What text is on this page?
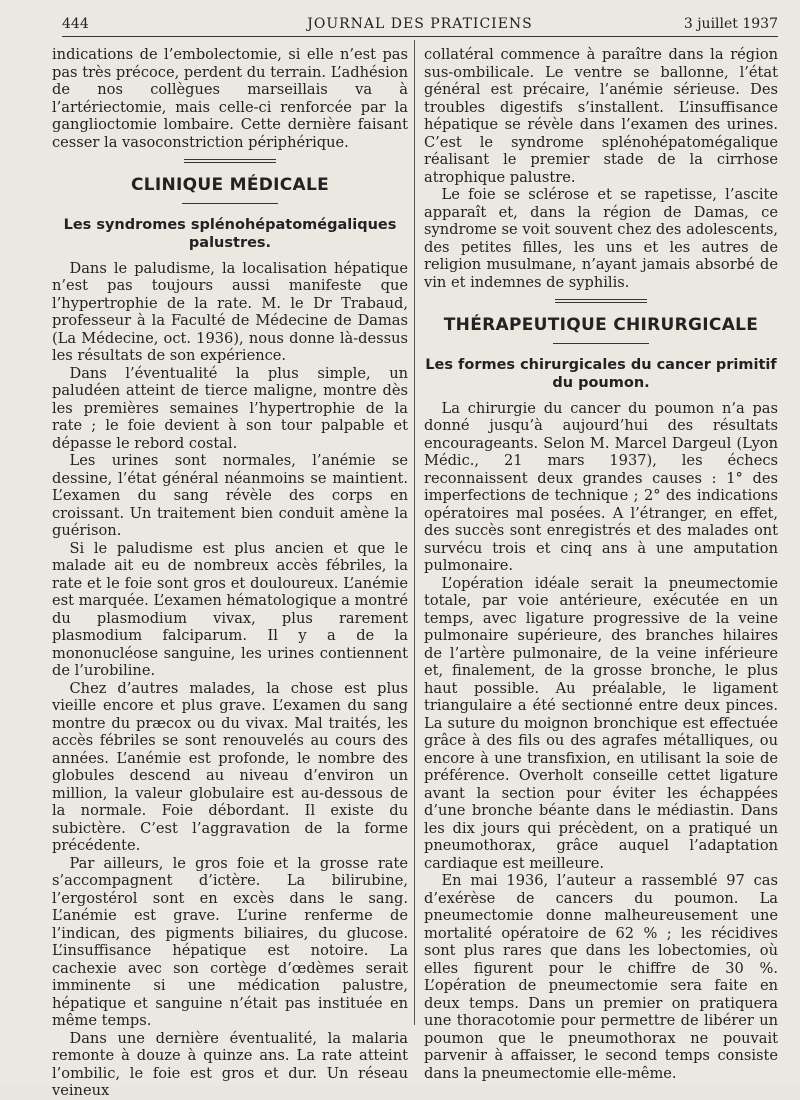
444	JOURNAL DES PRATICIENS	3 juillet 1937

indications de l’embolectomie, si elle n’est pas pas très précoce, perdent du terrain. L’adhésion de nos collègues marseillais va à l’artériectomie, mais celle-ci renforcée par la ganglioctomie lombaire. Cette dernière faisant cesser la vasoconstriction périphérique.

CLINIQUE MÉDICALE
Les syndromes splénohépatomégaliques palustres.

Dans le paludisme, la localisation hépatique n’est pas toujours aussi manifeste que l’hypertrophie de la rate. M. le Dr Trabaud, professeur à la Faculté de Médecine de Damas (La Médecine, oct. 1936), nous donne là-dessus les résultats de son expérience.

Dans l’éventualité la plus simple, un paludéen atteint de tierce maligne, montre dès les premières semaines l’hypertrophie de la rate ; le foie devient à son tour palpable et dépasse le rebord costal.

Les urines sont normales, l’anémie se dessine, l’état général néanmoins se maintient. L’examen du sang révèle des corps en croissant. Un traitement bien conduit amène la guérison.

Si le paludisme est plus ancien et que le malade ait eu de nombreux accès fébriles, la rate et le foie sont gros et douloureux. L’anémie est marquée. L’examen hématologique a montré du plasmodium vivax, plus rarement plasmodium falciparum. Il y a de la mononucléose sanguine, les urines contiennent de l’urobiline.

Chez d’autres malades, la chose est plus vieille encore et plus grave. L’examen du sang montre du præcox ou du vivax. Mal traités, les accès fébriles se sont renouvelés au cours des années. L’anémie est profonde, le nombre des globules descend au niveau d’environ un million, la valeur globulaire est au-dessous de la normale. Foie débordant. Il existe du subictère. C’est l’aggravation de la forme précédente.

Par ailleurs, le gros foie et la grosse rate s’accompagnent d’ictère. La bilirubine, l’ergostérol sont en excès dans le sang. L’anémie est grave. L’urine renferme de l’indican, des pigments biliaires, du glucose. L’insuffisance hépatique est notoire. La cachexie avec son cortège d’œdèmes serait imminente si une médication palustre, hépatique et sanguine n’était pas instituée en même temps.

Dans une dernière éventualité, la malaria remonte à douze à quinze ans. La rate atteint l’ombilic, le foie est gros et dur. Un réseau veineux

collatéral commence à paraître dans la région sus-ombilicale. Le ventre se ballonne, l’état général est précaire, l’anémie sérieuse. Des troubles digestifs s’installent. L’insuffisance hépatique se révèle dans l’examen des urines. C’est le syndrome splénohépatomégalique réalisant le premier stade de la cirrhose atrophique palustre.

Le foie se sclérose et se rapetisse, l’ascite apparaît et, dans la région de Damas, ce syndrome se voit souvent chez des adolescents, des petites filles, les uns et les autres de religion musulmane, n’ayant jamais absorbé de vin et indemnes de syphilis.

THÉRAPEUTIQUE CHIRURGICALE
Les formes chirurgicales du cancer primitif du poumon.

La chirurgie du cancer du poumon n’a pas donné jusqu’à aujourd’hui des résultats encourageants. Selon M. Marcel Dargeul (Lyon Médic., 21 mars 1937), les échecs reconnaissent deux grandes causes : 1° des imperfections de technique ; 2° des indications opératoires mal posées. A l’étranger, en effet, des succès sont enregistrés et des malades ont survécu trois et cinq ans à une amputation pulmonaire.

L’opération idéale serait la pneumectomie totale, par voie antérieure, exécutée en un temps, avec ligature progressive de la veine pulmonaire supérieure, des branches hilaires de l’artère pulmonaire, de la veine inférieure et, finalement, de la grosse bronche, le plus haut possible. Au préalable, le ligament triangulaire a été sectionné entre deux pinces. La suture du moignon bronchique est effectuée grâce à des fils ou des agrafes métalliques, ou encore à une transfixion, en utilisant la soie de préférence. Overholt conseille cettet ligature avant la section pour éviter les échappées d’une bronche béante dans le médiastin. Dans les dix jours qui précèdent, on a pratiqué un pneumothorax, grâce auquel l’adaptation cardiaque est meilleure.

En mai 1936, l’auteur a rassemblé 97 cas d’exérèse de cancers du poumon. La pneumectomie donne malheureusement une mortalité opératoire de 62 % ; les récidives sont plus rares que dans les lobectomies, où elles figurent pour le chiffre de 30 %. L’opération de pneumectomie sera faite en deux temps. Dans un premier on pratiquera une thoracotomie pour permettre de libérer un poumon que le pneumothorax ne pouvait parvenir à affaisser, le second temps consiste dans la pneumectomie elle-même.
